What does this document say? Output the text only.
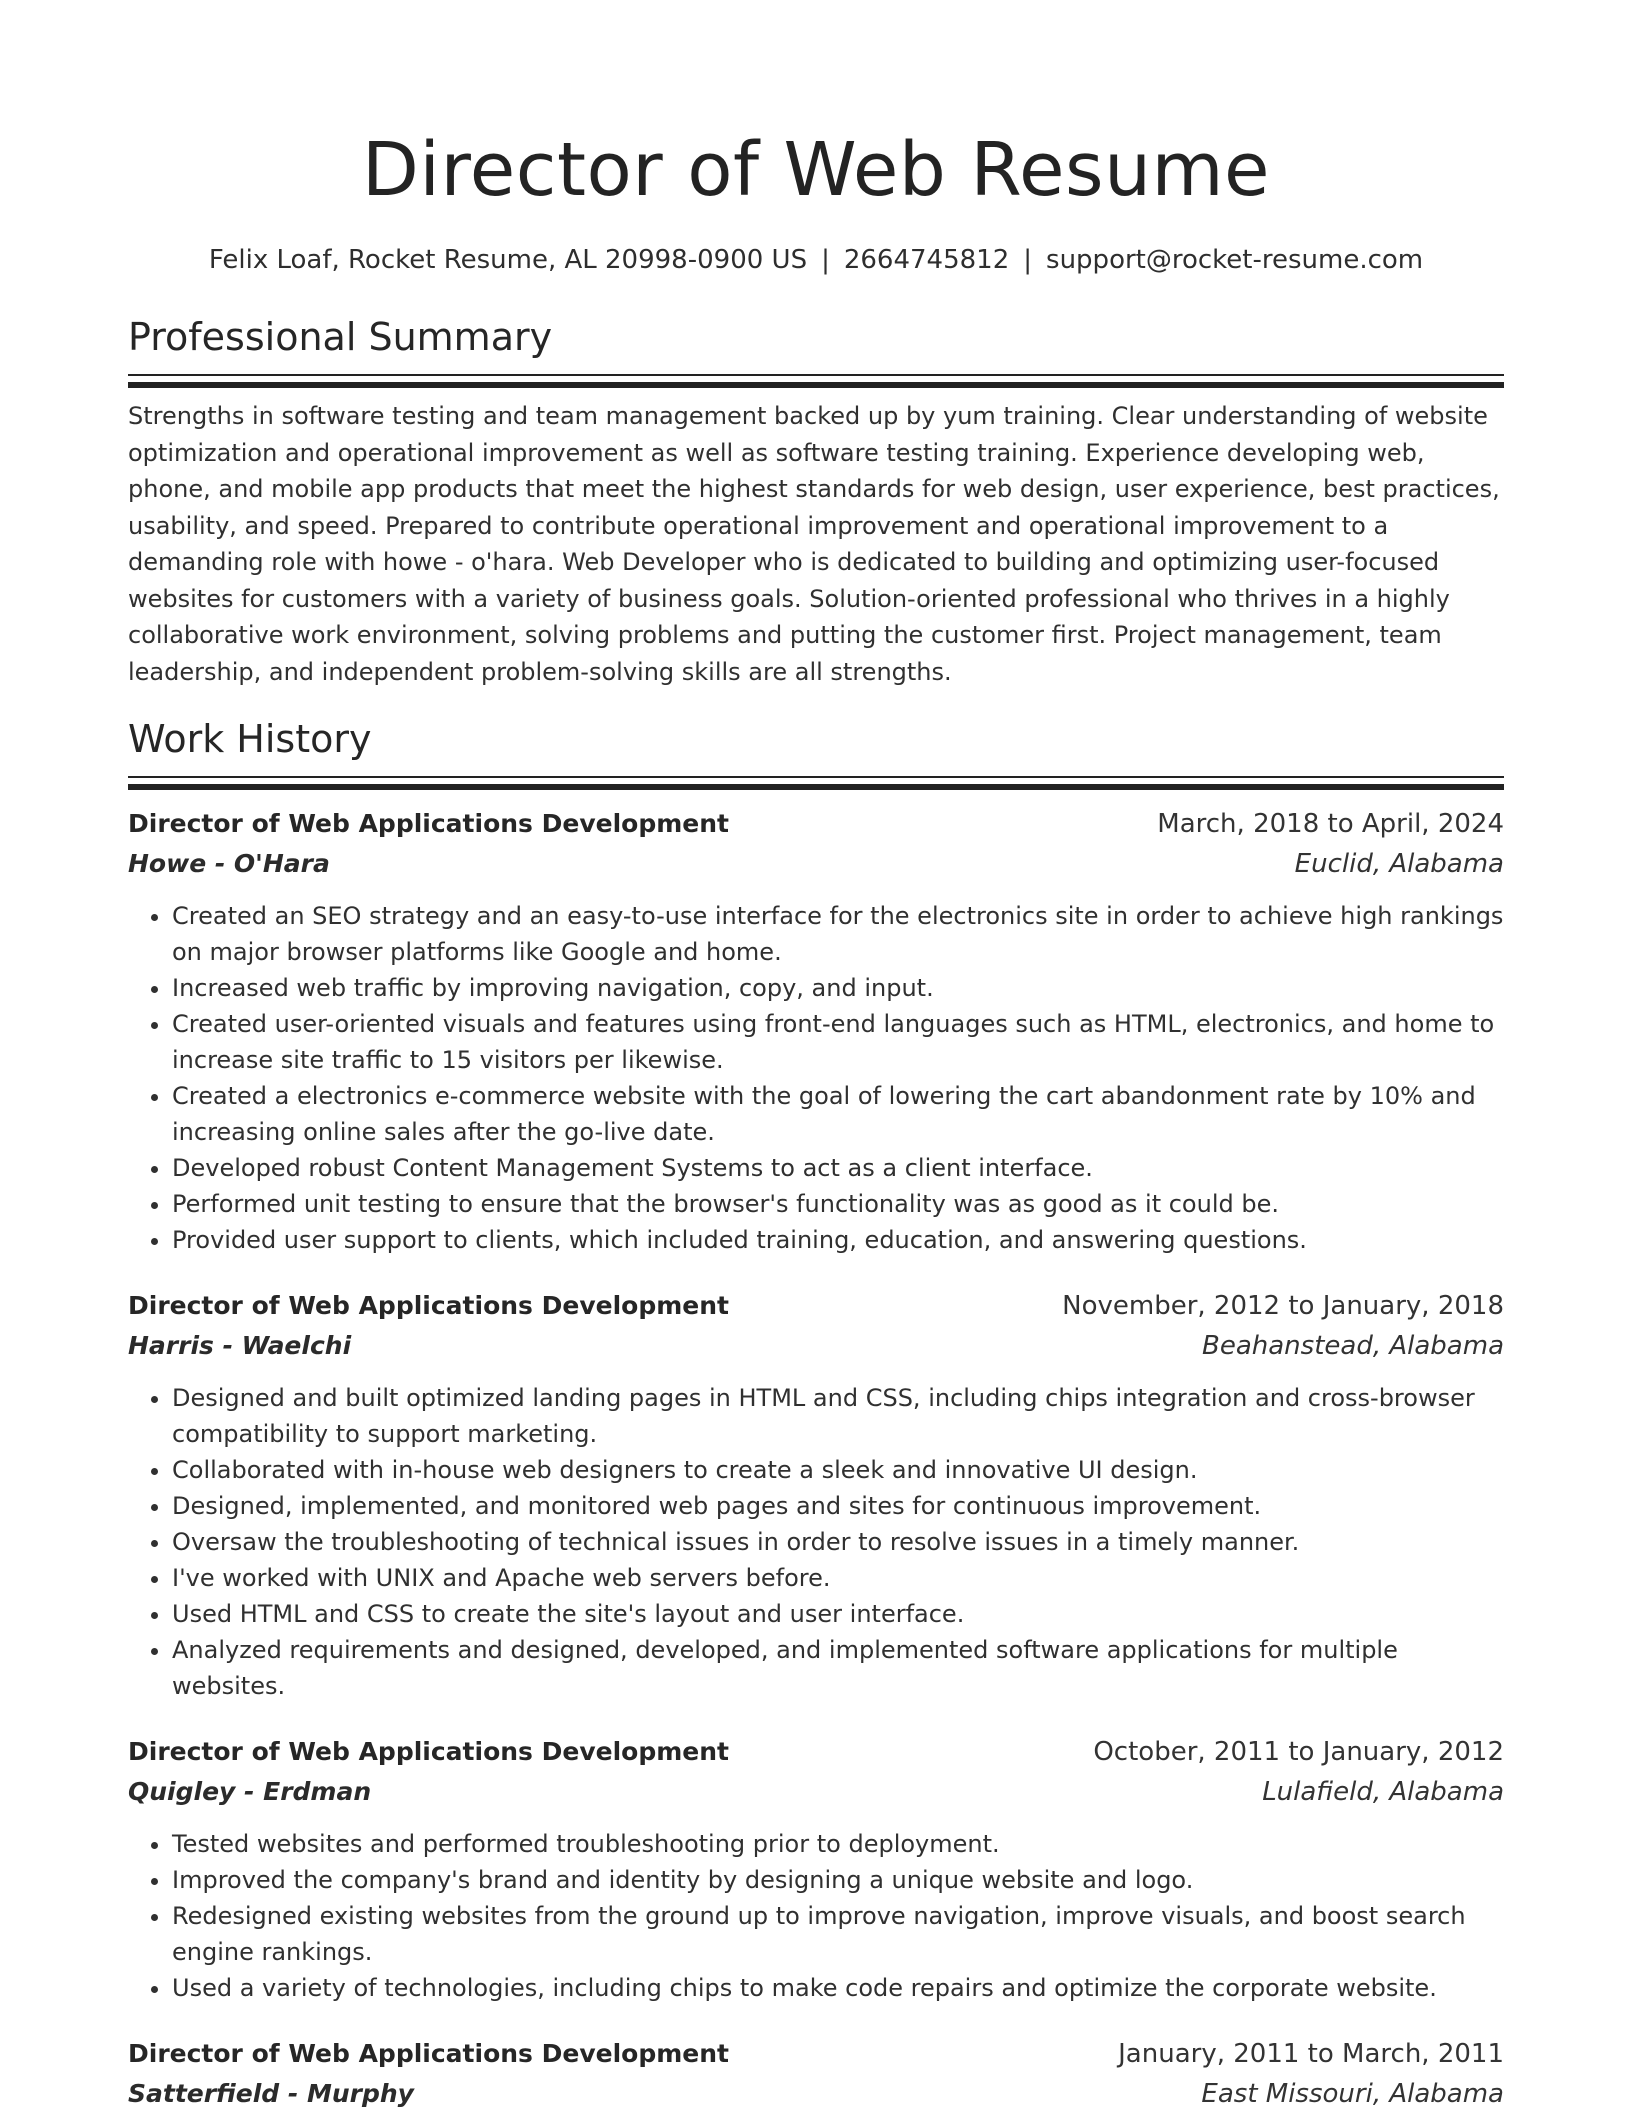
Director of Web Resume
Felix Loaf, Rocket Resume, AL 20998-0900 US | 2664745812 | support@rocket-resume.com
Professional Summary

Strengths in software testing and team management backed up by yum training. Clear understanding of website optimization and operational improvement as well as software testing training. Experience developing web, phone, and mobile app products that meet the highest standards for web design, user experience, best practices, usability, and speed. Prepared to contribute operational improvement and operational improvement to a demanding role with howe - o'hara. Web Developer who is dedicated to building and optimizing user-focused websites for customers with a variety of business goals. Solution-oriented professional who thrives in a highly collaborative work environment, solving problems and putting the customer first. Project management, team leadership, and independent problem-solving skills are all strengths.

Work History
Director of Web Applications Development	March, 2018 to April, 2024
Howe - O'Hara	Euclid, Alabama
• Created an SEO strategy and an easy-to-use interface for the electronics site in order to achieve high rankings on major browser platforms like Google and home.
• Increased web traffic by improving navigation, copy, and input.
• Created user-oriented visuals and features using front-end languages such as HTML, electronics, and home to increase site traffic to 15 visitors per likewise.
• Created a electronics e-commerce website with the goal of lowering the cart abandonment rate by 10% and increasing online sales after the go-live date.
• Developed robust Content Management Systems to act as a client interface.
• Performed unit testing to ensure that the browser's functionality was as good as it could be.
• Provided user support to clients, which included training, education, and answering questions.
Director of Web Applications Development	November, 2012 to January, 2018
Harris - Waelchi	Beahanstead, Alabama
• Designed and built optimized landing pages in HTML and CSS, including chips integration and cross-browser compatibility to support marketing.
• Collaborated with in-house web designers to create a sleek and innovative UI design.
• Designed, implemented, and monitored web pages and sites for continuous improvement.
• Oversaw the troubleshooting of technical issues in order to resolve issues in a timely manner.
• I've worked with UNIX and Apache web servers before.
• Used HTML and CSS to create the site's layout and user interface.
• Analyzed requirements and designed, developed, and implemented software applications for multiple websites.
Director of Web Applications Development	October, 2011 to January, 2012
Quigley - Erdman	Lulafield, Alabama
• Tested websites and performed troubleshooting prior to deployment.
• Improved the company's brand and identity by designing a unique website and logo.
• Redesigned existing websites from the ground up to improve navigation, improve visuals, and boost search engine rankings.
• Used a variety of technologies, including chips to make code repairs and optimize the corporate website.
Director of Web Applications Development	January, 2011 to March, 2011
Satterfield - Murphy	East Missouri, Alabama
